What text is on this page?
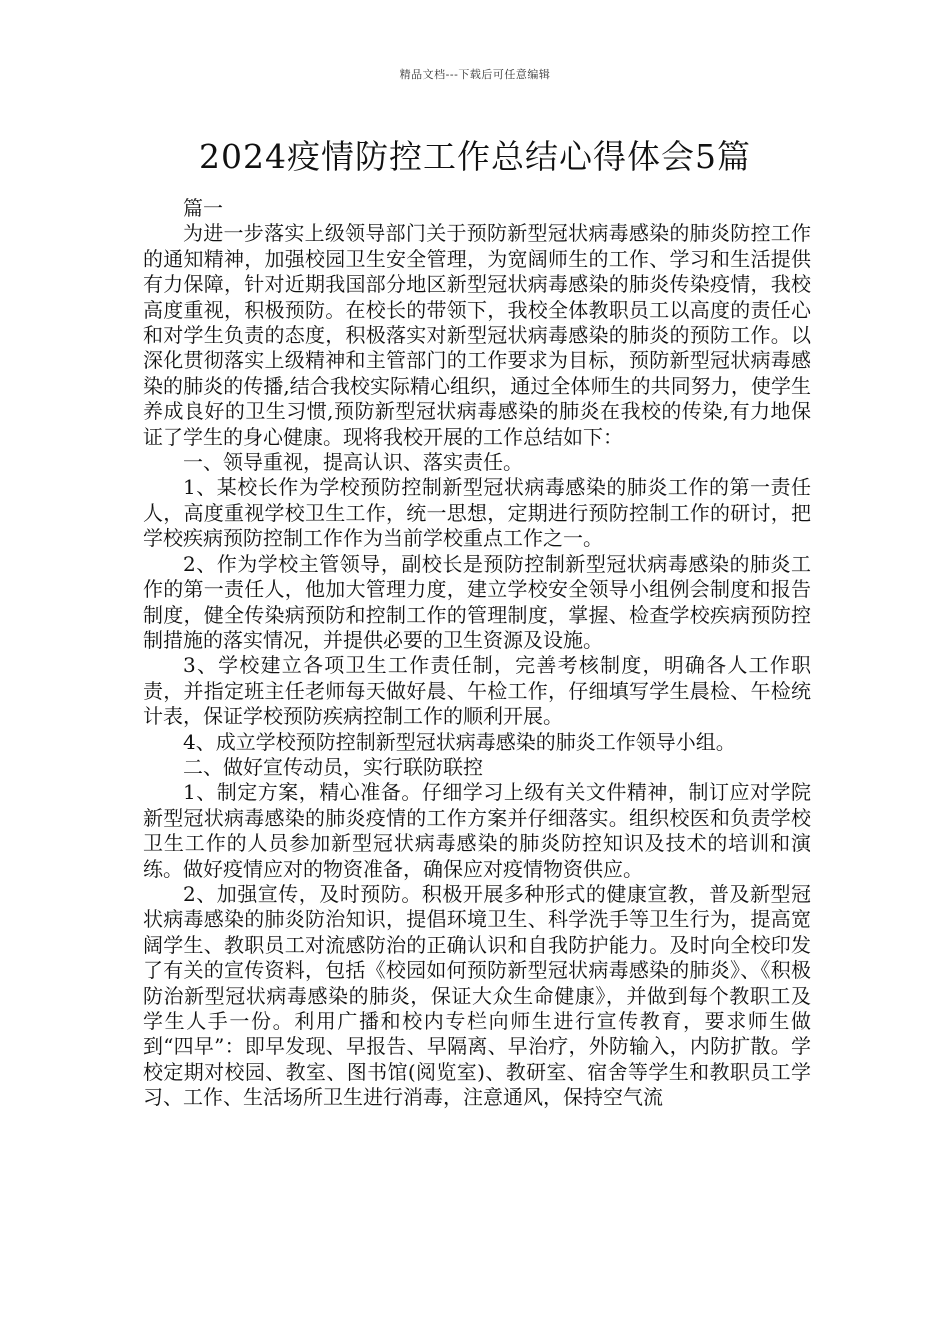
精品文档---下载后可任意编辑
2024疫情防控工作总结心得体会5篇

篇一

为进一步落实上级领导部门关于预防新型冠状病毒感染的肺炎防控工作的通知精神，加强校园卫生安全管理，为宽阔师生的工作、学习和生活提供有力保障，针对近期我国部分地区新型冠状病毒感染的肺炎传染疫情，我校高度重视，积极预防。在校长的带领下，我校全体教职员工以高度的责任心和对学生负责的态度，积极落实对新型冠状病毒感染的肺炎的预防工作。以深化贯彻落实上级精神和主管部门的工作要求为目标，预防新型冠状病毒感染的肺炎的传播,结合我校实际精心组织，通过全体师生的共同努力，使学生养成良好的卫生习惯,预防新型冠状病毒感染的肺炎在我校的传染,有力地保证了学生的身心健康。现将我校开展的工作总结如下：

一、领导重视，提高认识、落实责任。

1、某校长作为学校预防控制新型冠状病毒感染的肺炎工作的第一责任人，高度重视学校卫生工作，统一思想，定期进行预防控制工作的研讨，把学校疾病预防控制工作作为当前学校重点工作之一。

2、作为学校主管领导，副校长是预防控制新型冠状病毒感染的肺炎工作的第一责任人，他加大管理力度，建立学校安全领导小组例会制度和报告制度，健全传染病预防和控制工作的管理制度，掌握、检查学校疾病预防控制措施的落实情况，并提供必要的卫生资源及设施。

3、学校建立各项卫生工作责任制，完善考核制度，明确各人工作职责，并指定班主任老师每天做好晨、午检工作，仔细填写学生晨检、午检统计表，保证学校预防疾病控制工作的顺利开展。

4、成立学校预防控制新型冠状病毒感染的肺炎工作领导小组。

二、做好宣传动员，实行联防联控

1、制定方案，精心准备。仔细学习上级有关文件精神，制订应对学院新型冠状病毒感染的肺炎疫情的工作方案并仔细落实。组织校医和负责学校卫生工作的人员参加新型冠状病毒感染的肺炎防控知识及技术的培训和演练。做好疫情应对的物资准备，确保应对疫情物资供应。

2、加强宣传，及时预防。积极开展多种形式的健康宣教，普及新型冠状病毒感染的肺炎防治知识，提倡环境卫生、科学洗手等卫生行为，提高宽阔学生、教职员工对流感防治的正确认识和自我防护能力。及时向全校印发了有关的宣传资料，包括《校园如何预防新型冠状病毒感染的肺炎》、《积极防治新型冠状病毒感染的肺炎，保证大众生命健康》，并做到每个教职工及学生人手一份。利用广播和校内专栏向师生进行宣传教育，要求师生做到“四早”：即早发现、早报告、早隔离、早治疗，外防输入，内防扩散。学校定期对校园、教室、图书馆(阅览室)、教研室、宿舍等学生和教职员工学习、工作、生活场所卫生进行消毒，注意通风，保持空气流
